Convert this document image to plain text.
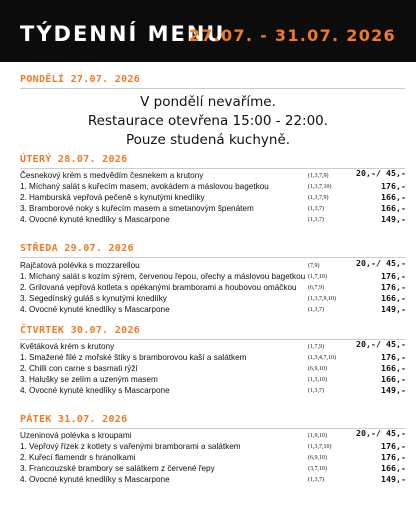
TÝDENNÍ MENU
27.07. - 31.07. 2026
PONDĚLÍ 27.07. 2026
V pondělí nevaříme.
Restaurace otevřena 15:00 - 22:00.
Pouze studená kuchyně.
ÚTERÝ 28.07. 2026
Česnekový krém s medvědím česnekem a krutony	(1,3,7,9)	20,-/ 45,-
1. Míchaný salát s kuřecím masem, avokádem a máslovou bagetkou	(1,3,7,10)	176,-
2. Hamburská vepřová pečeně s kynutými knedlíky	(1,3,7,9)	166,-
3. Bramborové noky s kuřecím masem a smetanovým špenátem	(1,3,7)	166,-
4. Ovocné kynuté knedlíky s Mascarpone	(1,3,7)	149,-
STŘEDA 29.07. 2026
Rajčatová polévka s mozzarellou	(7,9)	20,-/ 45,-
1. Míchaný salát s kozím sýrem, červenou řepou, ořechy a máslovou bagetkou (1,7,10)	176,-
2. Grilovaná vepřová kotleta s opékanými bramborami a houbovou omáčkou (6,7,9)	176,-
3. Segedínský guláš s kynutými knedlíky	(1,3,7,9,10)	166,-
4. Ovocné kynuté knedlíky s Mascarpone	(1,3,7)	149,-
ČTVRTEK 30.07. 2026
Květáková krém s krutony	(1,7,9)	20,-/ 45,-
1. Smažené filé z mořské štiky s bramborovou kaší a salátkem	(1,3,4,7,10)	176,-
2. Chilli con carne s basmati rýží	(6,9,10)	166,-
3. Halušky se zelím a uzeným masem	(1,3,10)	166,-
4. Ovocné kynuté knedlíky s Mascarpone	(1,3,7)	149,-
PÁTEK 31.07. 2026
Uzeninová polévka s kroupami	(1,9,10)	20,-/ 45,-
1. Vepřový řízek z kotlety s vařenými bramborami a salátkem	(1,3,7,10)	176,-
2. Kuřecí flamendr s hranolkami	(6,9,10)	176,-
3. Francouzské brambory se salátkem z červené řepy	(3,7,10)	166,-
4. Ovocné kynuté knedlíky s Mascarpone	(1,3,7)	149,-
